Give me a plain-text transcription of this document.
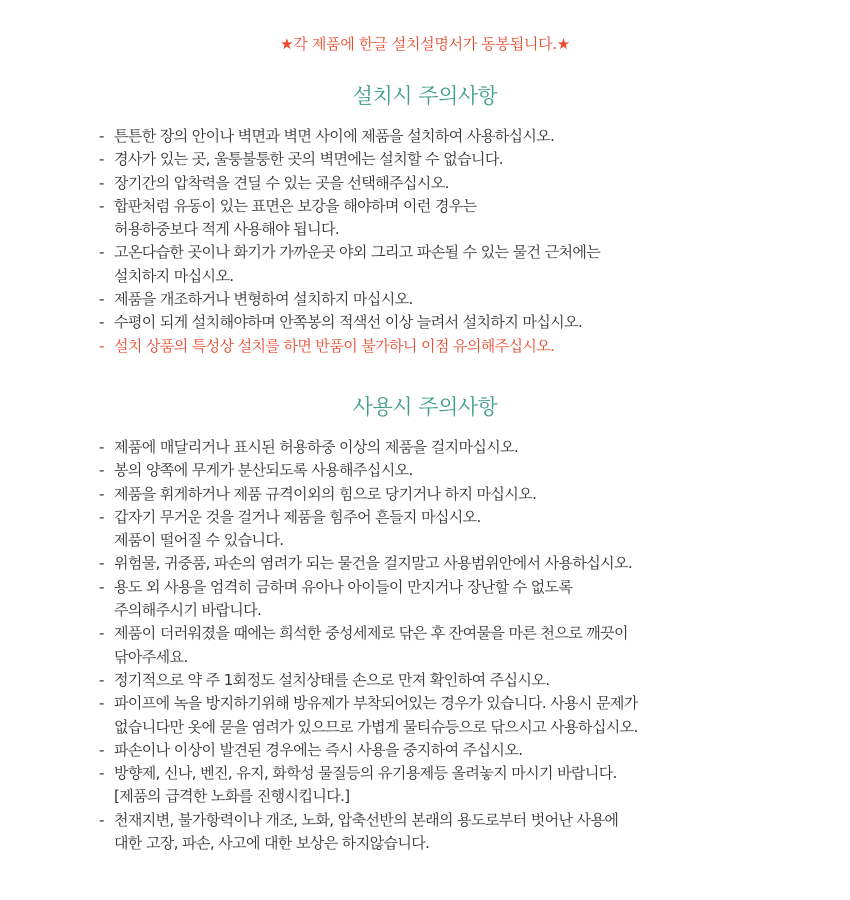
★각 제품에 한글 설치설명서가 동봉됩니다.★
설치시 주의사항
- 튼튼한 장의 안이나 벽면과 벽면 사이에 제품을 설치하여 사용하십시오.
- 경사가 있는 곳, 울퉁불퉁한 곳의 벽면에는 설치할 수 없습니다.
- 장기간의 압착력을 견딜 수 있는 곳을 선택해주십시오.
- 합판처럼 유동이 있는 표면은 보강을 해야하며 이런 경우는
허용하중보다 적게 사용해야 됩니다.
- 고온다습한 곳이나 화기가 가까운곳 야외 그리고 파손될 수 있는 물건 근처에는
설치하지 마십시오.
- 제품을 개조하거나 변형하여 설치하지 마십시오.
- 수평이 되게 설치해야하며 안쪽봉의 적색선 이상 늘려서 설치하지 마십시오.
- 설치 상품의 특성상 설치를 하면 반품이 불가하니 이점 유의해주십시오.
사용시 주의사항
- 제품에 매달리거나 표시된 허용하중 이상의 제품을 걸지마십시오.
- 봉의 양쪽에 무게가 분산되도록 사용해주십시오.
- 제품을 휘게하거나 제품 규격이외의 힘으로 당기거나 하지 마십시오.
- 갑자기 무거운 것을 걸거나 제품을 힘주어 흔들지 마십시오.
제품이 떨어질 수 있습니다.
- 위험물, 귀중품, 파손의 염려가 되는 물건을 걸지말고 사용범위안에서 사용하십시오.
- 용도 외 사용을 엄격히 금하며 유아나 아이들이 만지거나 장난할 수 없도록
주의해주시기 바랍니다.
- 제품이 더러워졌을 때에는 희석한 중성세제로 닦은 후 잔여물을 마른 천으로 깨끗이
닦아주세요.
- 정기적으로 약 주 1회정도 설치상태를 손으로 만져 확인하여 주십시오.
- 파이프에 녹을 방지하기위해 방유제가 부착되어있는 경우가 있습니다. 사용시 문제가
없습니다만 옷에 묻을 염려가 있으므로 가볍게 물티슈등으로 닦으시고 사용하십시오.
- 파손이나 이상이 발견된 경우에는 즉시 사용을 중지하여 주십시오.
- 방향제, 신나, 벤진, 유지, 화학성 물질등의 유기용제등 올려놓지 마시기 바랍니다.
[제품의 급격한 노화를 진행시킵니다.]
- 천재지변, 불가항력이나 개조, 노화, 압축선반의 본래의 용도로부터 벗어난 사용에
대한 고장, 파손, 사고에 대한 보상은 하지않습니다.
